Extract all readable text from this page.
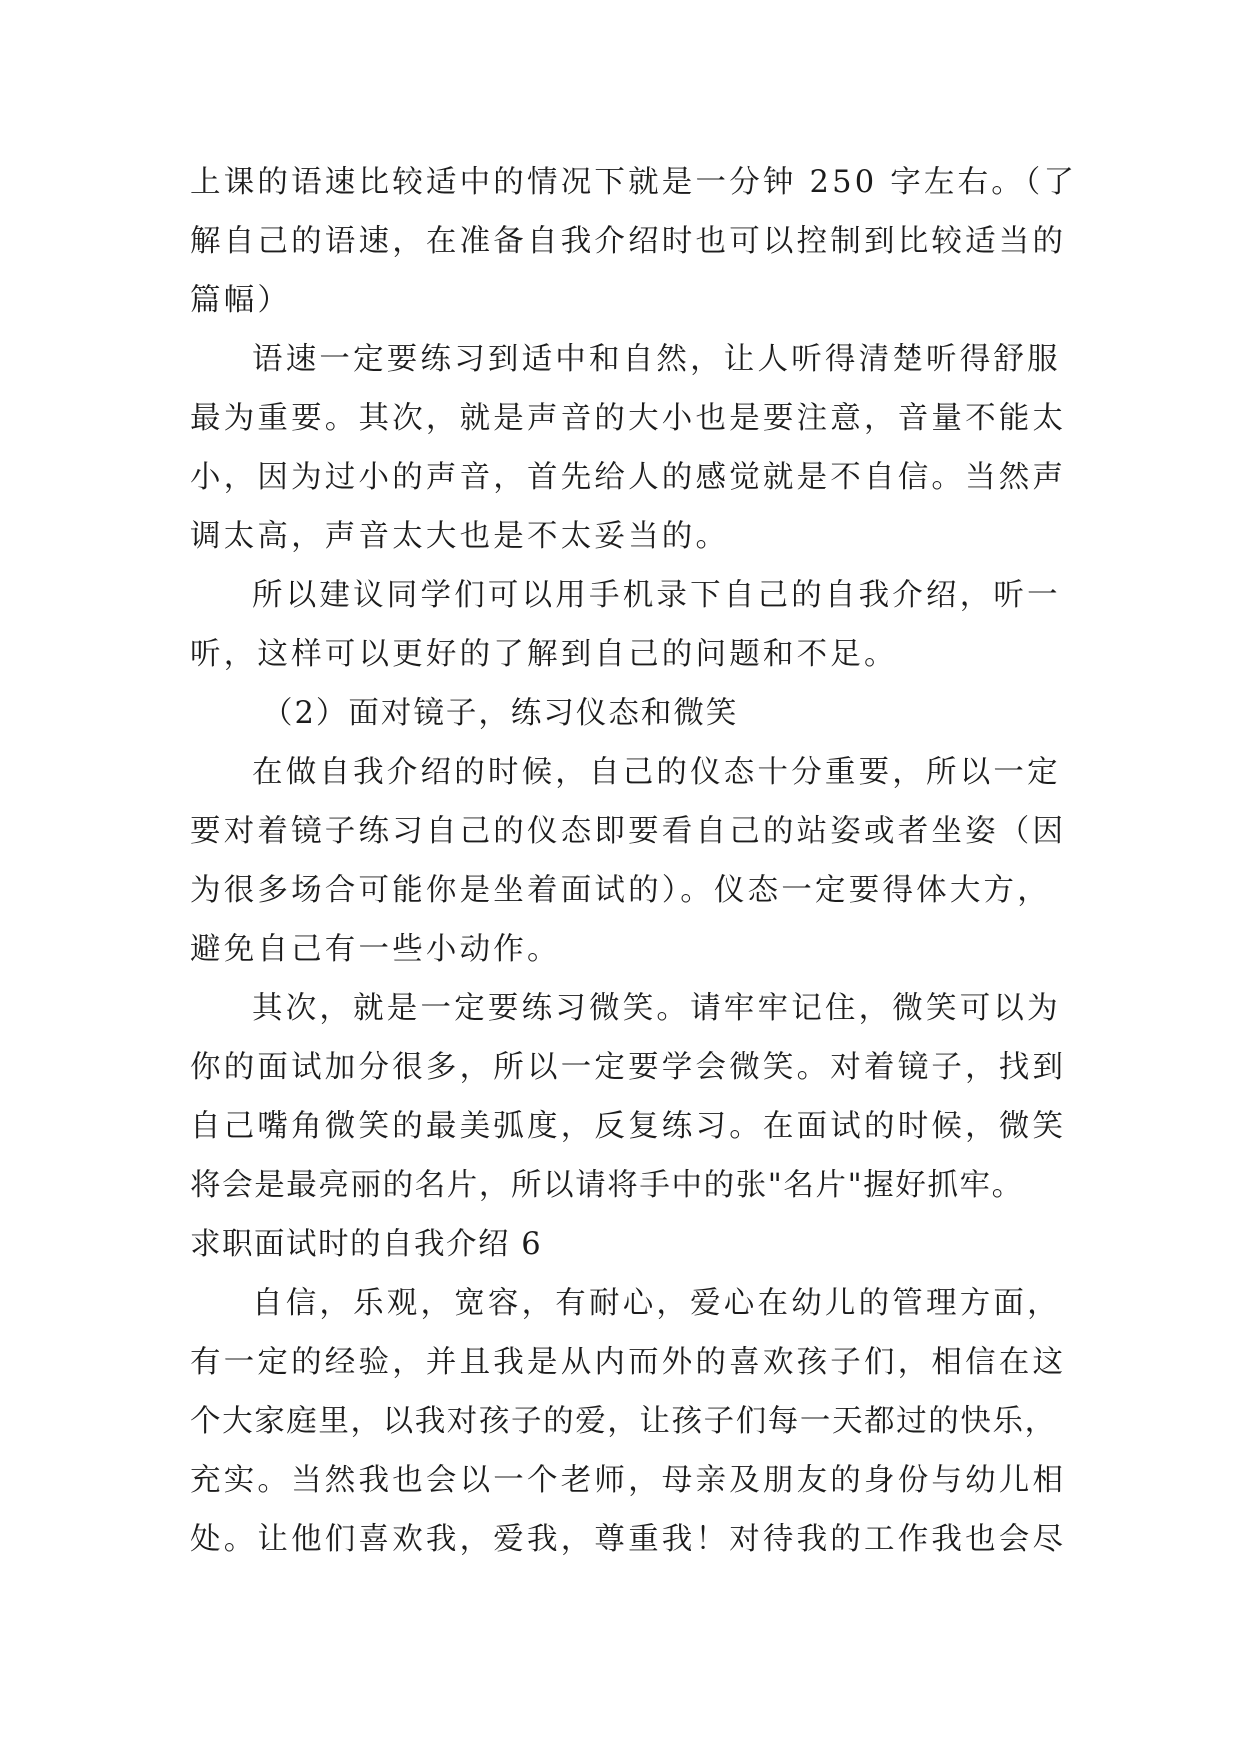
上课的语速比较适中的情况下就是一分钟 250 字左右。（了
解自己的语速，在准备自我介绍时也可以控制到比较适当的
篇幅）
语速一定要练习到适中和自然，让人听得清楚听得舒服
最为重要。其次，就是声音的大小也是要注意，音量不能太
小，因为过小的声音，首先给人的感觉就是不自信。当然声
调太高，声音太大也是不太妥当的。
所以建议同学们可以用手机录下自己的自我介绍，听一
听，这样可以更好的了解到自己的问题和不足。
（2）面对镜子，练习仪态和微笑
在做自我介绍的时候，自己的仪态十分重要，所以一定
要对着镜子练习自己的仪态即要看自己的站姿或者坐姿（因
为很多场合可能你是坐着面试的）。仪态一定要得体大方，
避免自己有一些小动作。
其次，就是一定要练习微笑。请牢牢记住，微笑可以为
你的面试加分很多，所以一定要学会微笑。对着镜子，找到
自己嘴角微笑的最美弧度，反复练习。在面试的时候，微笑
将会是最亮丽的名片，所以请将手中的张"名片"握好抓牢。
求职面试时的自我介绍 6
自信，乐观，宽容，有耐心，爱心在幼儿的管理方面，
有一定的经验，并且我是从内而外的喜欢孩子们，相信在这
个大家庭里，以我对孩子的爱，让孩子们每一天都过的快乐，
充实。当然我也会以一个老师，母亲及朋友的身份与幼儿相
处。让他们喜欢我，爱我，尊重我！对待我的工作我也会尽
